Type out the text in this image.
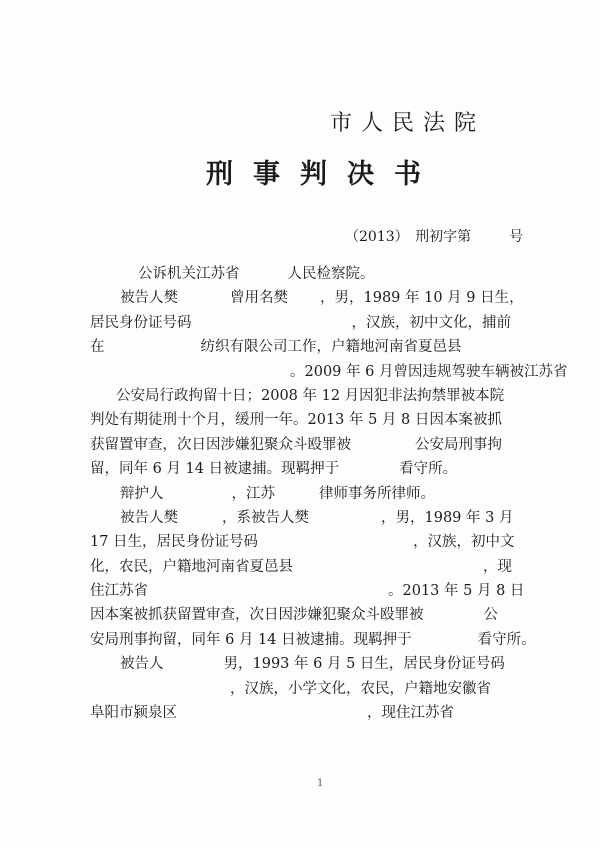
市人民法院
刑事判决书
（2013） 刑初字第	号
公诉机关江苏省	人民检察院。
被告人樊	曾用名樊 ，男，1989 年 10 月 9 日生，
居民身份证号码	，汉族，初中文化，捕前
在	纺织有限公司工作，户籍地河南省夏邑县
。2009 年 6 月曾因违规驾驶车辆被江苏省
公安局行政拘留十日；2008 年 12 月因犯非法拘禁罪被本院
判处有期徒刑十个月，缓刑一年。2013 年 5 月 8 日因本案被抓
获留置审查，次日因涉嫌犯聚众斗殴罪被	公安局刑事拘
留，同年 6 月 14 日被逮捕。现羁押于	看守所。
辩护人	，江苏	律师事务所律师。
被告人樊	，系被告人樊	，男，1989 年 3 月
17 日生，居民身份证号码	，汉族，初中文
化，农民，户籍地河南省夏邑县	，现
住江苏省	。2013 年 5 月 8 日
因本案被抓获留置审查，次日因涉嫌犯聚众斗殴罪被	公
安局刑事拘留，同年 6 月 14 日被逮捕。现羁押于	看守所。
被告人	男，1993 年 6 月 5 日生，居民身份证号码
，汉族，小学文化，农民，户籍地安徽省
阜阳市颍泉区	，现住江苏省
1
